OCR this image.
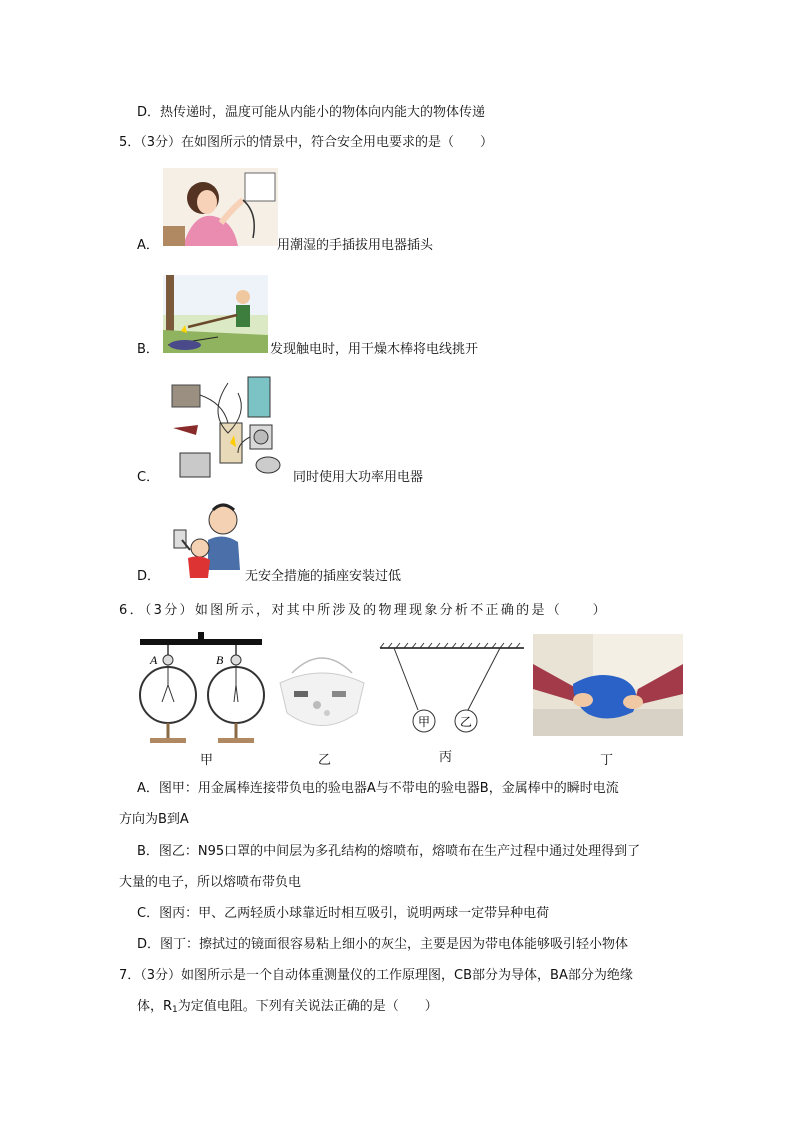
D．热传递时，温度可能从内能小的物体向内能大的物体传递
5．（3分）在如图所示的情景中，符合安全用电要求的是（　　）
A．	用潮湿的手插拔用电器插头
B．	发现触电时，用干燥木棒将电线挑开
C．	同时使用大功率用电器
D．	无安全措施的插座安装过低
6．（3分）如图所示，对其中所涉及的物理现象分析不正确的是（　　）
A	B
甲	乙
甲 乙
丙	丁
A．图甲：用金属棒连接带负电的验电器A与不带电的验电器B，金属棒中的瞬时电流
方向为B到A
B．图乙：N95口罩的中间层为多孔结构的熔喷布，熔喷布在生产过程中通过处理得到了
大量的电子，所以熔喷布带负电
C．图丙：甲、乙两轻质小球靠近时相互吸引，说明两球一定带异种电荷
D．图丁：擦拭过的镜面很容易粘上细小的灰尘，主要是因为带电体能够吸引轻小物体
7．（3分）如图所示是一个自动体重测量仪的工作原理图，CB部分为导体，BA部分为绝缘
体，$R_1$为定值电阻。下列有关说法正确的是（　　）
